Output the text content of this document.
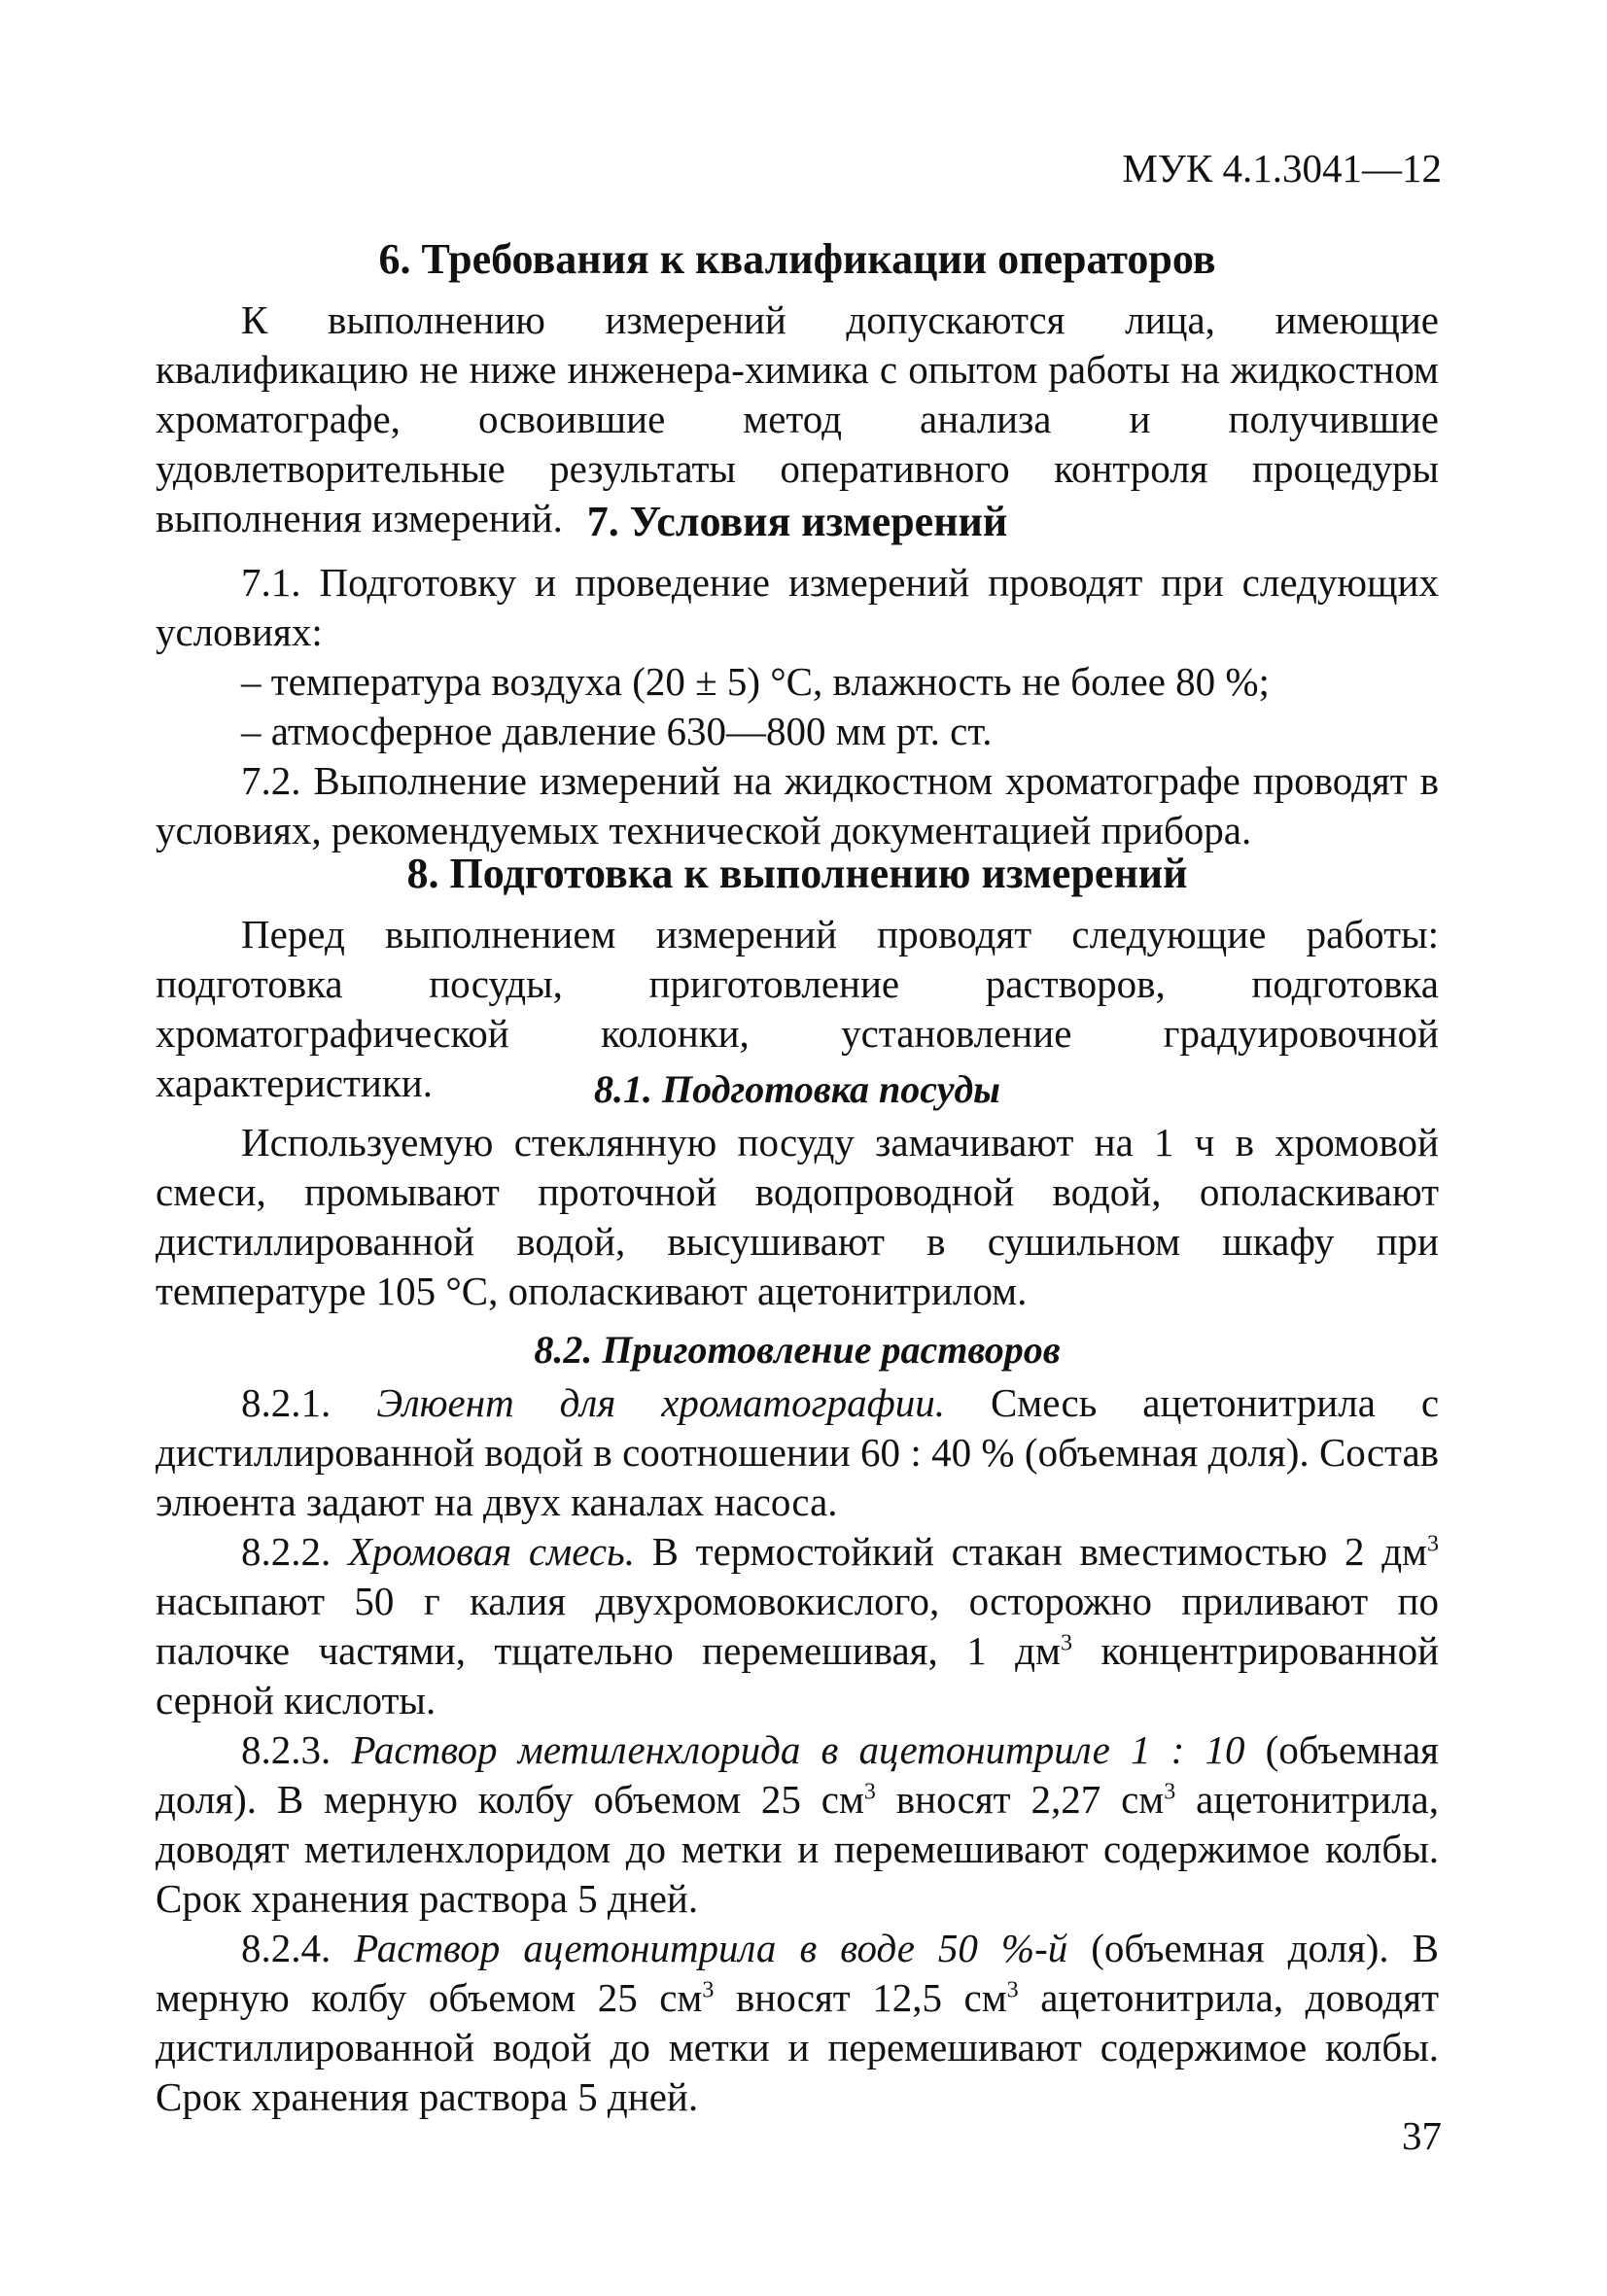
МУК 4.1.3041—12
6. Требования к квалификации операторов

К выполнению измерений допускаются лица, имеющие квалификацию не ниже инженера-химика с опытом работы на жидкостном хроматографе, освоившие метод анализа и получившие удовлетворительные результаты оперативного контроля процедуры выполнения измерений. 7. Условия измерений

7.1. Подготовку и проведение измерений проводят при следующих условиях:

– температура воздуха (20 ± 5) °С, влажность не более 80 %;

– атмосферное давление 630—800 мм рт. ст.

7.2. Выполнение измерений на жидкостном хроматографе проводят в условиях, рекомендуемых технической документацией прибора.

8. Подготовка к выполнению измерений

Перед выполнением измерений проводят следующие работы: подготовка посуды, приготовление растворов, подготовка хроматографической колонки, установление градуировочной характеристики.	8.1. Подготовка посуды

Используемую стеклянную посуду замачивают на 1 ч в хромовой смеси, промывают проточной водопроводной водой, ополаскивают дистиллированной водой, высушивают в сушильном шкафу при температуре 105 °С, ополаскивают ацетонитрилом.

8.2. Приготовление растворов

8.2.1. Элюент для хроматографии. Смесь ацетонитрила с дистиллированной водой в соотношении 60 : 40 % (объемная доля). Состав элюента задают на двух каналах насоса.

8.2.2. Хромовая смесь. В термостойкий стакан вместимостью 2 $дм^3$ насыпают 50 г калия двухромовокислого, осторожно приливают по палочке частями, тщательно перемешивая, 1 $дм^3$ концентрированной серной кислоты.

8.2.3. Раствор метиленхлорида в ацетонитриле 1 : 10 (объемная доля). В мерную колбу объемом 25 $см^3$ вносят 2,27 $см^3$ ацетонитрила, доводят метиленхлоридом до метки и перемешивают содержимое колбы. Срок хранения раствора 5 дней.

8.2.4. Раствор ацетонитрила в воде 50 %-й (объемная доля). В мерную колбу объемом 25 $см^3$ вносят 12,5 $см^3$ ацетонитрила, доводят дистиллированной водой до метки и перемешивают содержимое колбы. Срок хранения раствора 5 дней.

37
